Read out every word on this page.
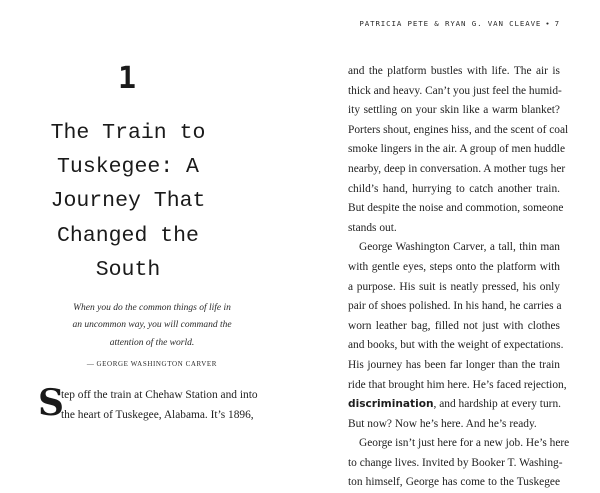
1
The Train to
Tuskegee: A
Journey That
Changed the
South
When you do the common things of life in
an uncommon way, you will command the
attention of the world.
— GEORGE WASHINGTON CARVER
S
tep off the train at Chehaw Station and into
the heart of Tuskegee, Alabama. It’s 1896,
PATRICIA PETE & RYAN G. VAN CLEAVE • 7
and the platform bustles with life. The air is
thick and heavy. Can’t you just feel the humid-
ity settling on your skin like a warm blanket?
Porters shout, engines hiss, and the scent of coal
smoke lingers in the air. A group of men huddle
nearby, deep in conversation. A mother tugs her
child’s hand, hurrying to catch another train.
But despite the noise and commotion, someone
stands out.
George Washington Carver, a tall, thin man
with gentle eyes, steps onto the platform with
a purpose. His suit is neatly pressed, his only
pair of shoes polished. In his hand, he carries a
worn leather bag, filled not just with clothes
and books, but with the weight of expectations.
His journey has been far longer than the train
ride that brought him here. He’s faced rejection,
discrimination, and hardship at every turn.
But now? Now he’s here. And he’s ready.
George isn’t just here for a new job. He’s here
to change lives. Invited by Booker T. Washing-
ton himself, George has come to the Tuskegee
